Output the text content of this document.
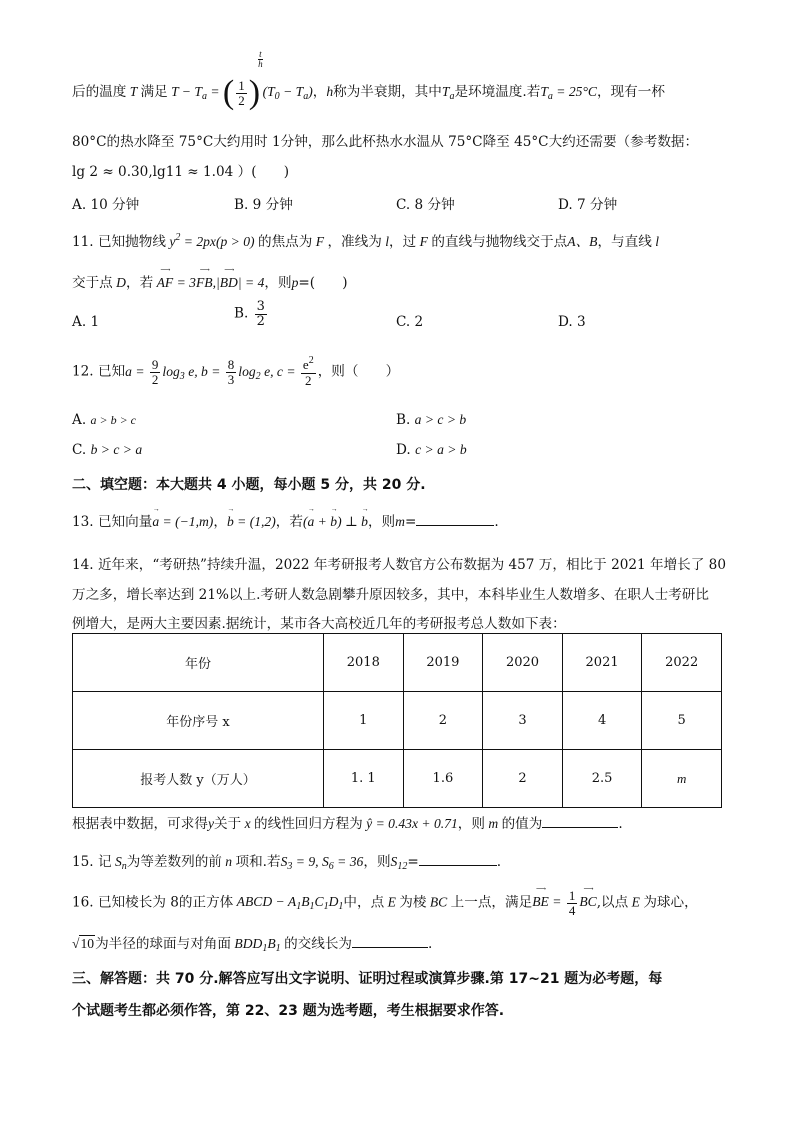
后的温度 T 满足 $T - T_a$ = ( $\frac{1}{2}$ )
$\frac{t}{h}$
$(T_0 - T_a)$，h称为半衰期，其中$T_a$是环境温度.若$T_a = 25^\circ C$，现有一杯
80°C的热水降至 75°C大约用时 1分钟，那么此杯热水水温从 75°C降至 45°C大约还需要（参考数据：
lg 2 ≈ 0.30,lg11 ≈ 1.04 ）(　　)
A. 10 分钟	B. 9 分钟	C. 8 分钟	D. 7 分钟
11. 已知抛物线 $y^2 = 2px(p > 0)$ 的焦点为 F ，准线为 l，过 F 的直线与抛物线交于点A、B，与直线 l
交于点 D，若 AF
⟶
= 3FB
⟶
,|BD
⟶
| = 4，则p=(　　)
A. 1
B. $\frac{3}{2}$	C. 2	D. 3
12. 已知$a = \frac{9}{2} \log_3 e$, $b = \frac{8}{3} \log_2 e$, $c = \frac{e^2}{2}$ ，则（　　）
A. a > b > c	B. a > c > b
C. b > c > a	D. c > a > b
二、填空题：本大题共 4 小题，每小题 5 分，共 20 分.
13. 已知向量a
→
= (−1,m)，b
→
= (1,2)，若(a
→
+ b
→
) ⊥ b
→
，则m=	.
14. 近年来，“考研热”持续升温，2022 年考研报考人数官方公布数据为 457 万，相比于 2021 年增长了 80
万之多，增长率达到 21%以上.考研人数急剧攀升原因较多，其中，本科毕业生人数增多、在职人士考研比
例增大，是两大主要因素.据统计，某市各大高校近几年的考研报考总人数如下表：
年份	2018	2019	2020	2021	2022
年份序号 x	1	2	3	4	5
报考人数 y（万人）	1. 1	1.6	2	2.5	m
根据表中数据，可求得y关于 x 的线性回归方程为 ŷ = 0.43x + 0.71，则 m 的值为	.
15. 记 $S_n$为等差数列的前 n 项和.若$S_3 = 9$, $S_6 = 36$，则$S_{12}=$	.
16. 已知棱长为 8的正方体 ABCD − $A_1B_1C_1D_1$中，点 E 为棱 BC 上一点，满足BE
⟶
= $\frac{1}{4}$ BC
⟶
,以点 E 为球心，
√10为半径的球面与对角面 $BDD_1B_1$ 的交线长为	.
三、解答题：共 70 分.解答应写出文字说明、证明过程或演算步骤.第 17~21 题为必考题，每
个试题考生都必须作答，第 22、23 题为选考题，考生根据要求作答.
